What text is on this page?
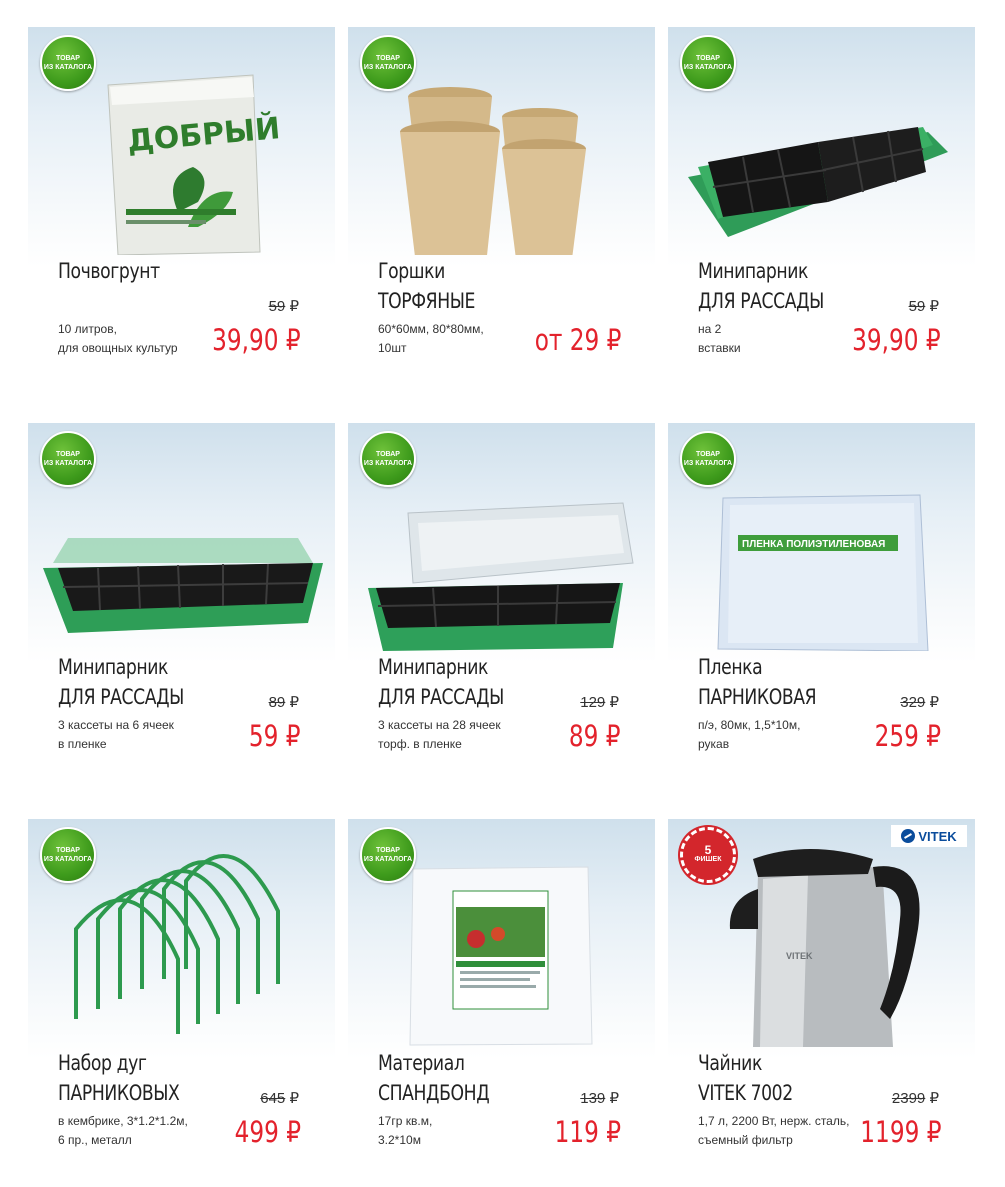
ДОБРЫЙ
ТОВАР
ИЗ КАТАЛОГА
Почвогрунт
10 литров,
для овощных культур
59 ₽
39,90 ₽
ТОВАР
ИЗ КАТАЛОГА
Горшки
ТОРФЯНЫЕ
60*60мм, 80*80мм,
10шт	от 29 ₽
ТОВАР
ИЗ КАТАЛОГА
Минипарник
ДЛЯ РАССАДЫ
на 2
вставки
59 ₽
39,90 ₽
ТОВАР
ИЗ КАТАЛОГА
Минипарник
ДЛЯ РАССАДЫ
3 кассеты на 6 ячеек
в пленке
89 ₽
59 ₽
ТОВАР
ИЗ КАТАЛОГА
Минипарник
ДЛЯ РАССАДЫ
3 кассеты на 28 ячеек
торф. в пленке
129 ₽
89 ₽
ПЛЕНКА ПОЛИЭТИЛЕНОВАЯ
ТОВАР
ИЗ КАТАЛОГА
Пленка
ПАРНИКОВАЯ
п/э, 80мк, 1,5*10м,
рукав
329 ₽
259 ₽
ТОВАР
ИЗ КАТАЛОГА
Набор дуг
ПАРНИКОВЫХ
в кембрике, 3*1.2*1.2м,
6 пр., металл
645 ₽
499 ₽
ТОВАР
ИЗ КАТАЛОГА
Материал
СПАНДБОНД
17гр кв.м,
3.2*10м
139 ₽
119 ₽
VITEK
5
ФИШЕК
VITEK
Чайник
VITEK 7002
1,7 л, 2200 Вт, нерж. сталь,
съемный фильтр
2399 ₽
1199 ₽
